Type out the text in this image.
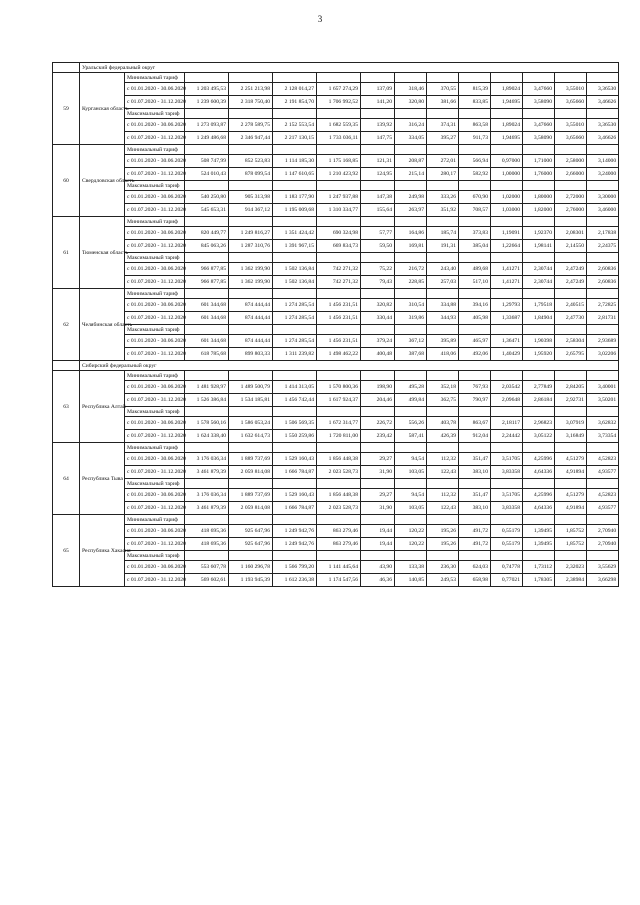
3
	Уральский федеральный округ													
59	Курганская область	Минимальный тариф												
		с 01.01.2020 - 30.06.2020	1 203 495,53	2 251 213,98	2 128 014,27	1 657 274,29	137,09	318,46	370,55	815,39	1,89024	3,47660	3,55010	3,36530
		с 01.07.2020 - 31.12.2020	1 239 600,39	2 318 750,40	2 191 854,70	1 706 992,52	141,20	320,80	381,66	833,85	1,94695	3,58090	3,65660	3,46626
		Максимальный тариф												
		с 01.01.2020 - 30.06.2020	1 273 093,87	2 278 589,75	2 152 553,54	1 682 559,35	139,92	316,24	374,31	863,58	1,89024	3,47660	3,55010	3,36530
		с 01.07.2020 - 31.12.2020	1 249 486,68	2 346 947,44	2 217 130,15	1 733 036,11	147,75	334,05	395,27	911,73	1,94695	3,58090	3,65660	3,46626
60	Свердловская область	Минимальный тариф												
		с 01.01.2020 - 30.06.2020	508 747,99	852 523,83	1 114 185,30	1 175 168,85	121,31	208,87	272,01	566,94	0,97000	1,71000	2,58000	3,14000
		с 01.07.2020 - 31.12.2020	524 010,43	878 099,54	1 147 610,65	1 210 423,92	124,95	215,14	280,17	582,92	1,00000	1,76000	2,66000	3,24000
		Максимальный тариф												
		с 01.01.2020 - 30.06.2020	540 250,80	905 313,98	1 183 177,90	1 247 937,88	147,38	249,98	333,26	670,90	1,02000	1,80000	2,72000	3,30000
		с 01.07.2020 - 31.12.2020	545 653,31	914 367,12	1 195 009,68	1 310 334,77	155,64	263,97	351,92	708,57	1,03000	1,82000	2,76000	3,46000
61	Тюменская область	Минимальный тариф												
		с 01.01.2020 - 30.06.2020	820 449,77	1 249 816,27	1 351 424,42	690 324,98	57,77	164,86	185,74	373,83	1,19091	1,92370	2,08301	2,17838
		с 01.07.2020 - 31.12.2020	845 063,26	1 287 310,76	1 391 967,15	669 834,73	59,50	169,81	191,31	385,04	1,22664	1,98141	2,14550	2,24375
		Максимальный тариф												
		с 01.01.2020 - 30.06.2020	966 877,85	1 362 199,90	1 502 136,84	742 271,32	75,22	216,72	243,40	489,68	1,41271	2,30744	2,47249	2,60836
		с 01.07.2020 - 31.12.2020	966 877,85	1 362 199,90	1 502 136,84	742 271,32	79,43	228,85	257,03	517,10	1,41271	2,30744	2,47249	2,60836
62	Челябинская область	Минимальный тариф												
		с 01.01.2020 - 30.06.2020	601 344,68	874 444,44	1 274 285,54	1 456 231,51	320,82	310,54	334,88	394,16	1,29793	1,79518	2,40515	2,72825
		с 01.07.2020 - 31.12.2020	601 344,68	874 444,44	1 274 285,54	1 456 231,51	330,44	319,86	344,93	405,98	1,33687	1,84904	2,47730	2,81731
		Максимальный тариф												
		с 01.01.2020 - 30.06.2020	601 344,68	874 444,44	1 274 285,54	1 456 231,51	379,24	367,12	395,89	465,97	1,36471	1,90398	2,58304	2,93689
		с 01.07.2020 - 31.12.2020	618 785,68	899 803,33	1 311 239,82	1 498 462,22	400,48	387,68	418,06	492,06	1,40429	1,95920	2,65795	3,02206
	Сибирский федеральный округ													
63	Республика Алтай	Минимальный тариф												
		с 01.01.2020 - 30.06.2020	1 481 928,97	1 489 500,79	1 414 313,05	1 570 800,36	198,90	495,28	352,18	767,93	2,03542	2,77849	2,84205	3,40001
		с 01.07.2020 - 31.12.2020	1 526 386,84	1 534 185,81	1 456 742,44	1 617 924,37	204,46	499,84	362,75	790,97	2,09648	2,86184	2,92731	3,50201
		Максимальный тариф												
		с 01.01.2020 - 30.06.2020	1 578 560,16	1 586 053,24	1 506 569,35	1 672 314,77	226,72	556,26	403,78	863,67	2,18117	2,96823	3,07919	3,62832
		с 01.07.2020 - 31.12.2020	1 624 338,40	1 632 614,73	1 550 259,86	1 720 811,00	239,42	587,41	426,39	912,04	2,24442	3,05122	3,16849	3,73354
64	Республика Тыва	Минимальный тариф												
		с 01.01.2020 - 30.06.2020	3 176 036,34	1 889 737,69	1 529 160,43	1 856 448,38	29,27	94,54	112,32	351,47	3,51705	4,25996	4,51279	4,52823
		с 01.07.2020 - 31.12.2020	3 461 879,39	2 059 814,08	1 666 784,87	2 023 528,73	31,90	103,05	122,43	383,10	3,83358	4,64336	4,91894	4,93577
		Максимальный тариф												
		с 01.01.2020 - 30.06.2020	3 176 036,34	1 889 737,69	1 529 160,43	1 856 448,38	29,27	94,54	112,32	351,47	3,51705	4,25996	4,51279	4,52823
		с 01.07.2020 - 31.12.2020	3 461 879,39	2 059 814,08	1 666 784,87	2 023 528,73	31,90	103,05	122,43	383,10	3,83358	4,64336	4,91894	4,93577
65	Республика Хакасия	Минимальный тариф												
		с 01.01.2020 - 30.06.2020	418 695,36	925 647,96	1 249 942,76	863 279,46	19,44	120,22	195,26	491,72	0,55179	1,39495	1,85752	2,70940
		с 01.07.2020 - 31.12.2020	418 695,36	925 647,96	1 249 942,76	863 279,46	19,44	120,22	195,26	491,72	0,55179	1,39495	1,85752	2,70940
		Максимальный тариф												
		с 01.01.2020 - 30.06.2020	553 607,78	1 160 296,78	1 566 799,20	1 141 445,64	43,90	133,38	236,30	624,03	0,74778	1,73112	2,32023	3,55629
		с 01.07.2020 - 31.12.2020	569 602,61	1 193 945,39	1 612 236,38	1 174 547,56	46,36	140,85	249,53	658,98	0,77021	1,78305	2,38984	3,66298
